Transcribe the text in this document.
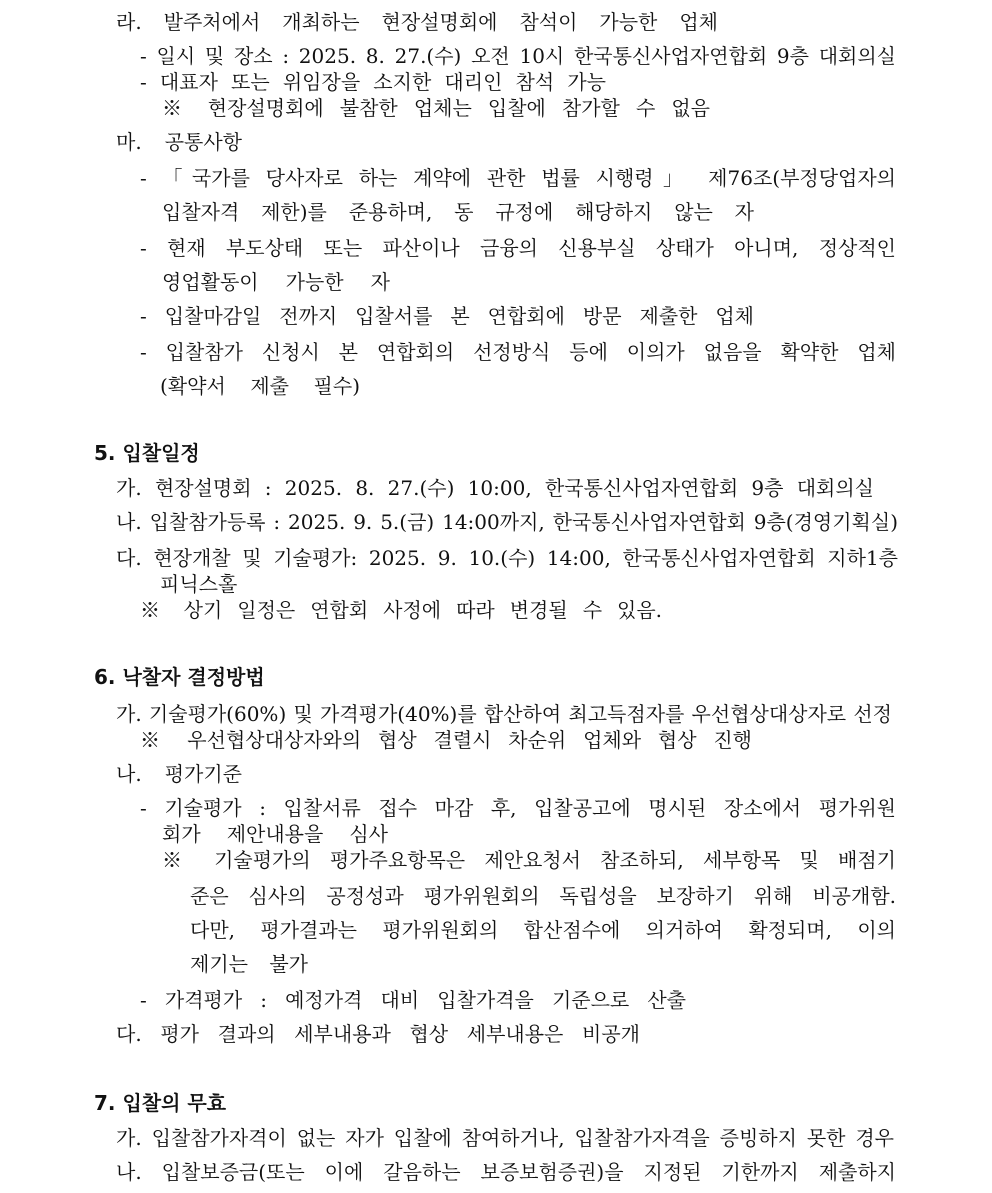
라. 발주처에서 개최하는 현장설명회에 참석이 가능한 업체
- 일시 및 장소 : 2025. 8. 27.(수) 오전 10시 한국통신사업자연합회 9층 대회의실
- 대표자 또는 위임장을 소지한 대리인 참석 가능
※ 현장설명회에 불참한 업체는 입찰에 참가할 수 없음
마. 공통사항
- 「국가를 당사자로 하는 계약에 관한 법률 시행령」 제76조(부정당업자의
입찰자격 제한)를 준용하며, 동 규정에 해당하지 않는 자
- 현재 부도상태 또는 파산이나 금융의 신용부실 상태가 아니며, 정상적인
영업활동이 가능한 자
- 입찰마감일 전까지 입찰서를 본 연합회에 방문 제출한 업체
- 입찰참가 신청시 본 연합회의 선정방식 등에 이의가 없음을 확약한 업체
(확약서 제출 필수)
5. 입찰일정
가. 현장설명회 : 2025. 8. 27.(수) 10:00, 한국통신사업자연합회 9층 대회의실
나. 입찰참가등록 : 2025. 9. 5.(금) 14:00까지, 한국통신사업자연합회 9층(경영기획실)
다. 현장개찰 및 기술평가: 2025. 9. 10.(수) 14:00, 한국통신사업자연합회 지하1층
피닉스홀
※ 상기 일정은 연합회 사정에 따라 변경될 수 있음.
6. 낙찰자 결정방법
가. 기술평가(60%) 및 가격평가(40%)를 합산하여 최고득점자를 우선협상대상자로 선정
※ 우선협상대상자와의 협상 결렬시 차순위 업체와 협상 진행
나. 평가기준
- 기술평가 : 입찰서류 접수 마감 후, 입찰공고에 명시된 장소에서 평가위원
회가 제안내용을 심사
※ 기술평가의 평가주요항목은 제안요청서 참조하되, 세부항목 및 배점기
준은 심사의 공정성과 평가위원회의 독립성을 보장하기 위해 비공개함.
다만, 평가결과는 평가위원회의 합산점수에 의거하여 확정되며, 이의
제기는 불가
- 가격평가 : 예정가격 대비 입찰가격을 기준으로 산출
다. 평가 결과의 세부내용과 협상 세부내용은 비공개
7. 입찰의 무효
가. 입찰참가자격이 없는 자가 입찰에 참여하거나, 입찰참가자격을 증빙하지 못한 경우
나. 입찰보증금(또는 이에 갈음하는 보증보험증권)을 지정된 기한까지 제출하지
